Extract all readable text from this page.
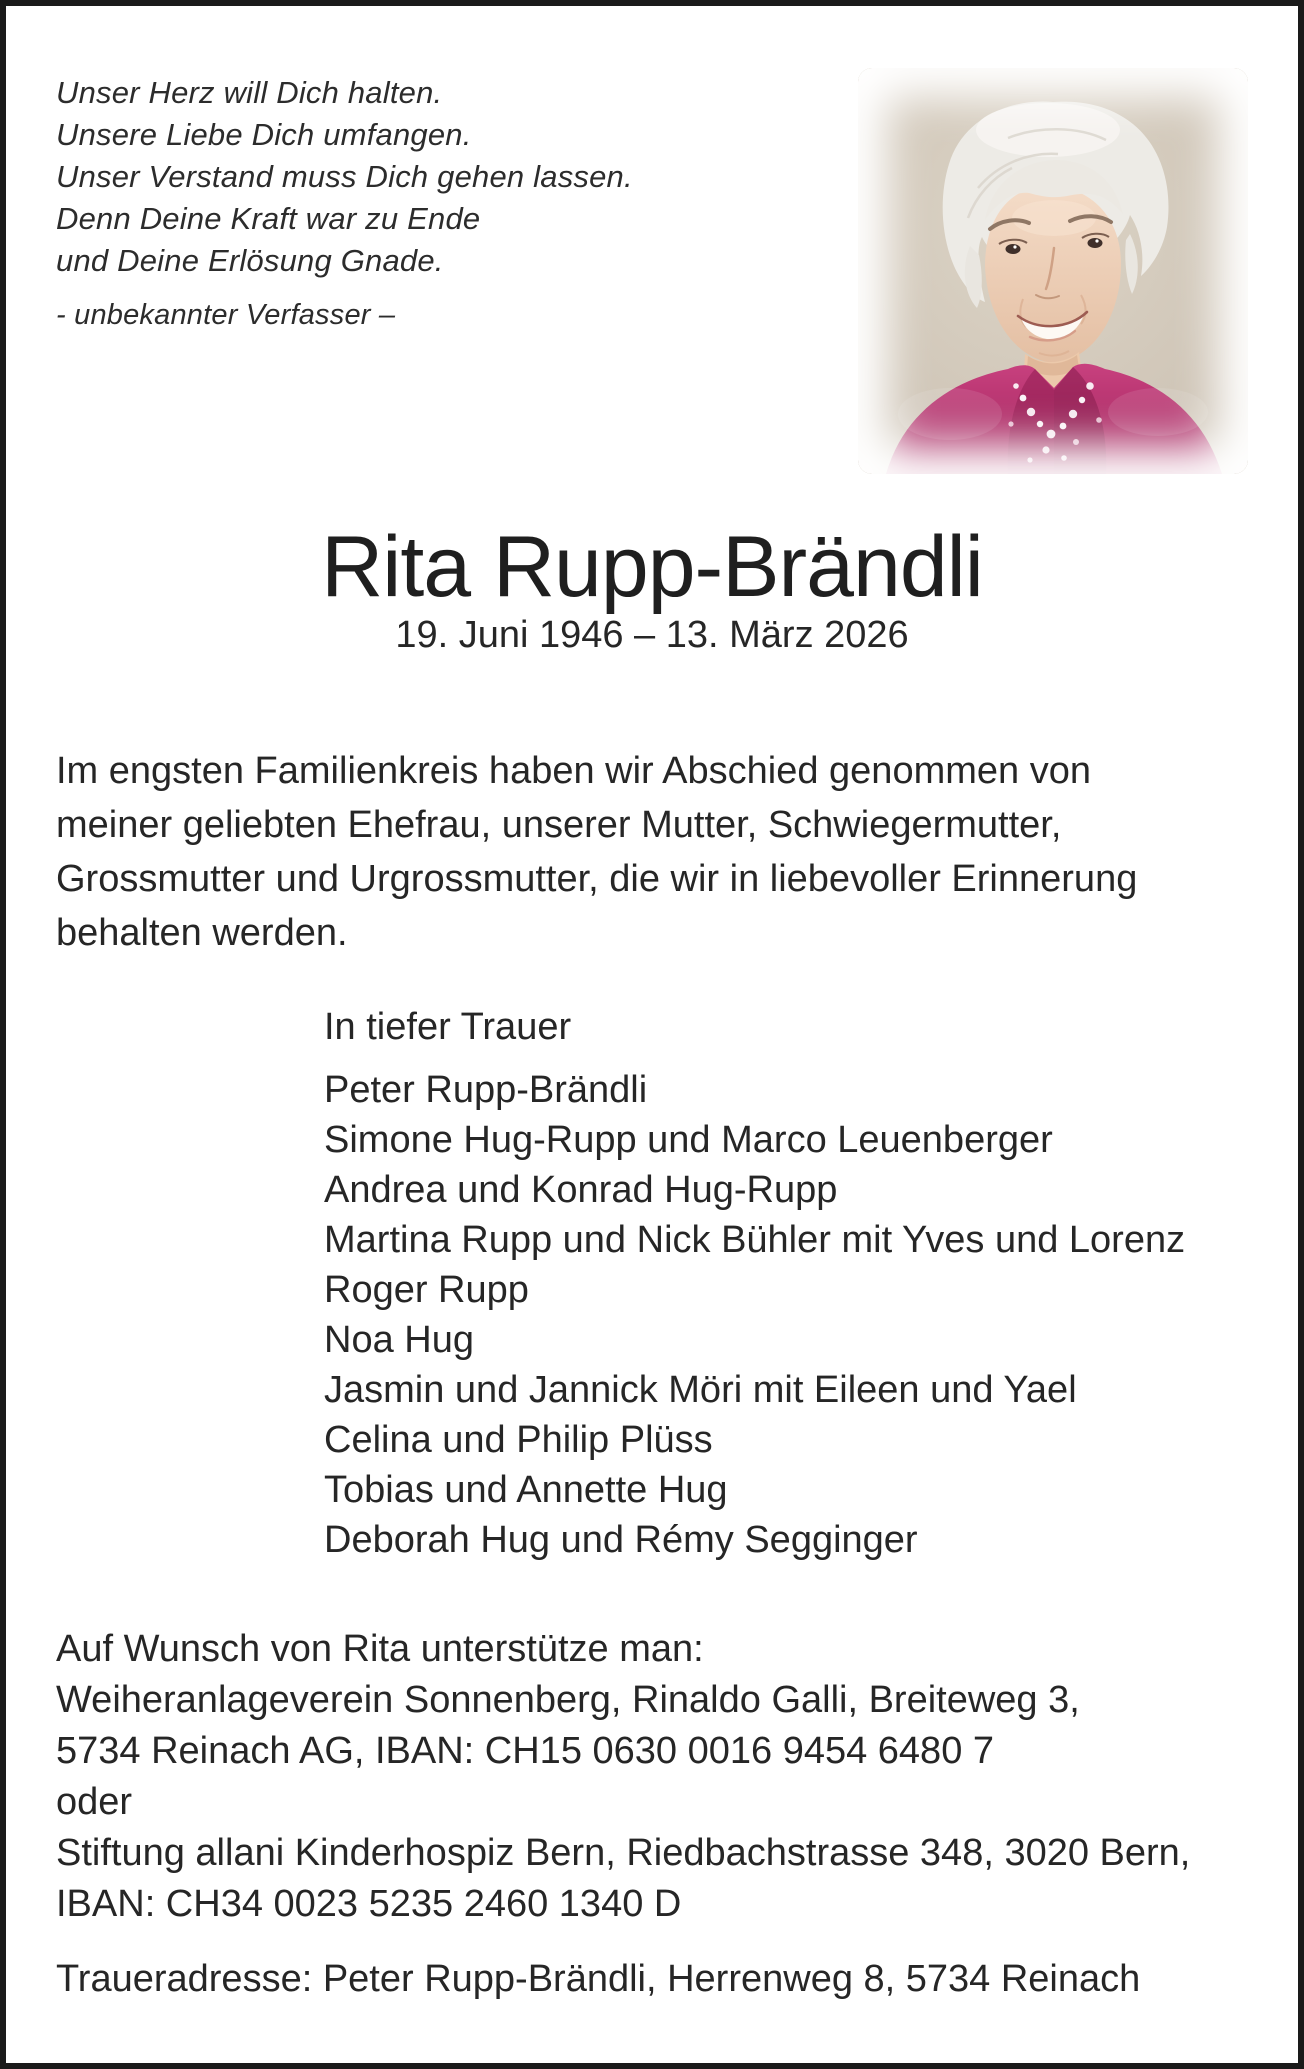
Unser Herz will Dich halten.
Unsere Liebe Dich umfangen.
Unser Verstand muss Dich gehen lassen.
Denn Deine Kraft war zu Ende
und Deine Erlösung Gnade.
- unbekannter Verfasser –
Rita Rupp-Brändli
19. Juni 1946 – 13. März 2026
Im engsten Familienkreis haben wir Abschied genommen von
meiner geliebten Ehefrau, unserer Mutter, Schwiegermutter,
Grossmutter und Urgrossmutter, die wir in liebevoller Erinnerung
behalten werden.
In tiefer Trauer
Peter Rupp-Brändli
Simone Hug-Rupp und Marco Leuenberger
Andrea und Konrad Hug-Rupp
Martina Rupp und Nick Bühler mit Yves und Lorenz
Roger Rupp
Noa Hug
Jasmin und Jannick Möri mit Eileen und Yael
Celina und Philip Plüss
Tobias und Annette Hug
Deborah Hug und Rémy Segginger
Auf Wunsch von Rita unterstütze man:
Weiheranlageverein Sonnenberg, Rinaldo Galli, Breiteweg 3,
5734 Reinach AG, IBAN: CH15 0630 0016 9454 6480 7
oder
Stiftung allani Kinderhospiz Bern, Riedbachstrasse 348, 3020 Bern,
IBAN: CH34 0023 5235 2460 1340 D
Traueradresse: Peter Rupp-Brändli, Herrenweg 8, 5734 Reinach
